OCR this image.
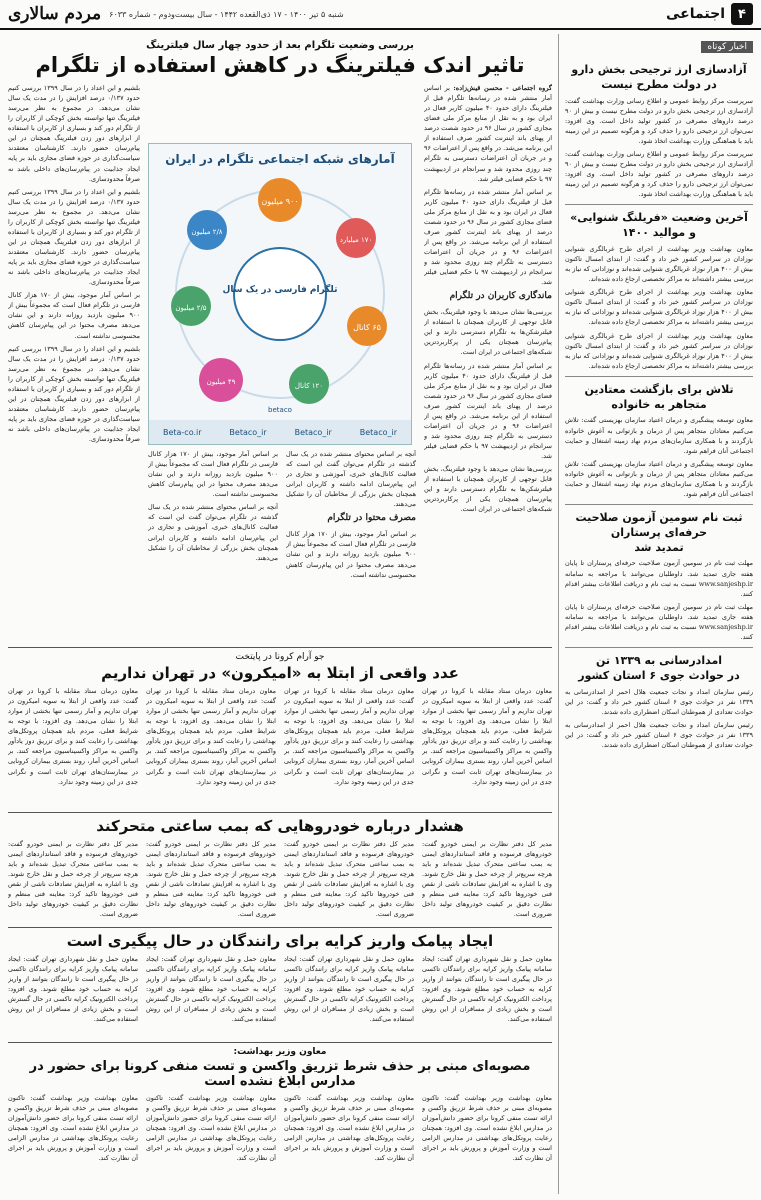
۴
اجتماعی
شنبه ۵ تیر ۱۴۰۰ - ۱۷ ذی‌القعده ۱۴۴۲ - سال بیست‌ودوم - شماره ۶۰۳۳
مردم سالاری
اخبار کوتاه
آزادسازی ارز ترجیحی بخش دارو
در دولت مطرح نیست

سرپرست مرکز روابط عمومی و اطلاع رسانی وزارت بهداشت گفت: آزادسازی ارز ترجیحی بخش دارو در دولت مطرح نیست و بیش از ۹۰ درصد داروهای مصرفی در کشور تولید داخل است. وی افزود: نمی‌توان ارز ترجیحی دارو را حذف کرد و هرگونه تصمیم در این زمینه باید با هماهنگی وزارت بهداشت اتخاذ شود.

سرپرست مرکز روابط عمومی و اطلاع رسانی وزارت بهداشت گفت: آزادسازی ارز ترجیحی بخش دارو در دولت مطرح نیست و بیش از ۹۰ درصد داروهای مصرفی در کشور تولید داخل است. وی افزود: نمی‌توان ارز ترجیحی دارو را حذف کرد و هرگونه تصمیم در این زمینه باید با هماهنگی وزارت بهداشت اتخاذ شود.

آخرین وضعیت «فریلنگ شنوایی» و مواليد ۱۴۰۰

معاون بهداشت وزیر بهداشت از اجرای طرح غربالگری شنوایی نوزادان در سراسر کشور خبر داد و گفت: از ابتدای امسال تاکنون بیش از ۴۰۰ هزار نوزاد غربالگری شنوایی شده‌اند و نوزادانی که نیاز به بررسی بیشتر داشته‌اند به مراکز تخصصی ارجاع داده شده‌اند.

معاون بهداشت وزیر بهداشت از اجرای طرح غربالگری شنوایی نوزادان در سراسر کشور خبر داد و گفت: از ابتدای امسال تاکنون بیش از ۴۰۰ هزار نوزاد غربالگری شنوایی شده‌اند و نوزادانی که نیاز به بررسی بیشتر داشته‌اند به مراکز تخصصی ارجاع داده شده‌اند.

معاون بهداشت وزیر بهداشت از اجرای طرح غربالگری شنوایی نوزادان در سراسر کشور خبر داد و گفت: از ابتدای امسال تاکنون بیش از ۴۰۰ هزار نوزاد غربالگری شنوایی شده‌اند و نوزادانی که نیاز به بررسی بیشتر داشته‌اند به مراکز تخصصی ارجاع داده شده‌اند.

تلاش برای بازگشت معتادین متجاهر به خانواده

معاون توسعه پیشگیری و درمان اعتیاد سازمان بهزیستی گفت: تلاش می‌کنیم معتادان متجاهر پس از درمان و بازتوانی به آغوش خانواده بازگردند و با همکاری سازمان‌های مردم نهاد زمینه اشتغال و حمایت اجتماعی آنان فراهم شود.

معاون توسعه پیشگیری و درمان اعتیاد سازمان بهزیستی گفت: تلاش می‌کنیم معتادان متجاهر پس از درمان و بازتوانی به آغوش خانواده بازگردند و با همکاری سازمان‌های مردم نهاد زمینه اشتغال و حمایت اجتماعی آنان فراهم شود.

ثبت نام سومین آزمون صلاحیت حرفه‌ای پرستاران
تمدید شد

مهلت ثبت نام در سومین آزمون صلاحیت حرفه‌ای پرستاران تا پایان هفته جاری تمدید شد. داوطلبان می‌توانند با مراجعه به سامانه www.sanjeshp.ir نسبت به ثبت نام و دریافت اطلاعات بیشتر اقدام کنند.

مهلت ثبت نام در سومین آزمون صلاحیت حرفه‌ای پرستاران تا پایان هفته جاری تمدید شد. داوطلبان می‌توانند با مراجعه به سامانه www.sanjeshp.ir نسبت به ثبت نام و دریافت اطلاعات بیشتر اقدام کنند.

امدادرسانی به ۱۳۳۹ تن
در حوادث جوی ۶ استان کشور

رئیس سازمان امداد و نجات جمعیت هلال احمر از امدادرسانی به ۱۳۳۹ نفر در حوادث جوی ۶ استان کشور خبر داد و گفت: در این حوادث تعدادی از هموطنان اسکان اضطراری داده شدند.

رئیس سازمان امداد و نجات جمعیت هلال احمر از امدادرسانی به ۱۳۳۹ نفر در حوادث جوی ۶ استان کشور خبر داد و گفت: در این حوادث تعدادی از هموطنان اسکان اضطراری داده شدند.

بررسی وضعیت تلگرام بعد از حدود چهار سال فیلترینگ
تاثیر اندک فیلترینگ در کاهش استفاده از تلگرام

گروه اجتماعی - محسن قیش‌زاده: بر اساس آمار منتشر شده در رسانه‌ها تلگرام قبل از فیلترینگ دارای حدود ۴۰ میلیون کاربر فعال در ایران بود و به نقل از منابع مرکز ملی فضای مجازی کشور در سال ۹۶ در حدود شصت درصد از پهنای باند اینترنت کشور صرف استفاده از این برنامه می‌شد. در واقع پس از اعتراضات ۹۶ و در جریان آن اعتراضات دسترسی به تلگرام چند روزی محدود شد و سرانجام در اردیبهشت ۹۷ با حکم قضایی فیلتر شد.

بر اساس آمار منتشر شده در رسانه‌ها تلگرام قبل از فیلترینگ دارای حدود ۴۰ میلیون کاربر فعال در ایران بود و به نقل از منابع مرکز ملی فضای مجازی کشور در سال ۹۶ در حدود شصت درصد از پهنای باند اینترنت کشور صرف استفاده از این برنامه می‌شد. در واقع پس از اعتراضات ۹۶ و در جریان آن اعتراضات دسترسی به تلگرام چند روزی محدود شد و سرانجام در اردیبهشت ۹۷ با حکم قضایی فیلتر شد.

ماندگاری کاربران در تلگرام

بررسی‌ها نشان می‌دهد با وجود فیلترینگ، بخش قابل توجهی از کاربران همچنان با استفاده از فیلترشکن‌ها به تلگرام دسترسی دارند و این پیام‌رسان همچنان یکی از پرکاربردترین شبکه‌های اجتماعی در ایران است.

بر اساس آمار منتشر شده در رسانه‌ها تلگرام قبل از فیلترینگ دارای حدود ۴۰ میلیون کاربر فعال در ایران بود و به نقل از منابع مرکز ملی فضای مجازی کشور در سال ۹۶ در حدود شصت درصد از پهنای باند اینترنت کشور صرف استفاده از این برنامه می‌شد. در واقع پس از اعتراضات ۹۶ و در جریان آن اعتراضات دسترسی به تلگرام چند روزی محدود شد و سرانجام در اردیبهشت ۹۷ با حکم قضایی فیلتر شد.

بررسی‌ها نشان می‌دهد با وجود فیلترینگ، بخش قابل توجهی از کاربران همچنان با استفاده از فیلترشکن‌ها به تلگرام دسترسی دارند و این پیام‌رسان همچنان یکی از پرکاربردترین شبکه‌های اجتماعی در ایران است.

آنچه بر اساس محتوای منتشر شده در یک سال گذشته در تلگرام می‌توان گفت این است که فعالیت کانال‌های خبری، آموزشی و تجاری در این پیام‌رسان ادامه داشته و کاربران ایرانی همچنان بخش بزرگی از مخاطبان آن را تشکیل می‌دهند.

مصرف محتوا در تلگرام

بر اساس آمار موجود، بیش از ۱۷۰ هزار کانال فارسی در تلگرام فعال است که مجموعاً بیش از ۹۰۰ میلیون بازدید روزانه دارند و این نشان می‌دهد مصرف محتوا در این پیام‌رسان کاهش محسوسی نداشته است.

بر اساس آمار موجود، بیش از ۱۷۰ هزار کانال فارسی در تلگرام فعال است که مجموعاً بیش از ۹۰۰ میلیون بازدید روزانه دارند و این نشان می‌دهد مصرف محتوا در این پیام‌رسان کاهش محسوسی نداشته است.

آنچه بر اساس محتوای منتشر شده در یک سال گذشته در تلگرام می‌توان گفت این است که فعالیت کانال‌های خبری، آموزشی و تجاری در این پیام‌رسان ادامه داشته و کاربران ایرانی همچنان بخش بزرگی از مخاطبان آن را تشکیل می‌دهند.

بلشیم و این اعداد را در سال ۱۳۹۹ بررسی کنیم حدود ۰/۱۳۷ درصد افزایش را در مدت یک سال نشان می‌دهد. در مجموع به نظر می‌رسد فیلترینگ تنها توانسته بخش کوچکی از کاربران را از تلگرام دور کند و بسیاری از کاربران با استفاده از ابزارهای دور زدن فیلترینگ همچنان در این پیام‌رسان حضور دارند. کارشناسان معتقدند سیاست‌گذاری در حوزه فضای مجازی باید بر پایه ایجاد جذابیت در پیام‌رسان‌های داخلی باشد نه صرفاً محدودسازی.

بلشیم و این اعداد را در سال ۱۳۹۹ بررسی کنیم حدود ۰/۱۳۷ درصد افزایش را در مدت یک سال نشان می‌دهد. در مجموع به نظر می‌رسد فیلترینگ تنها توانسته بخش کوچکی از کاربران را از تلگرام دور کند و بسیاری از کاربران با استفاده از ابزارهای دور زدن فیلترینگ همچنان در این پیام‌رسان حضور دارند. کارشناسان معتقدند سیاست‌گذاری در حوزه فضای مجازی باید بر پایه ایجاد جذابیت در پیام‌رسان‌های داخلی باشد نه صرفاً محدودسازی.

بر اساس آمار موجود، بیش از ۱۷۰ هزار کانال فارسی در تلگرام فعال است که مجموعاً بیش از ۹۰۰ میلیون بازدید روزانه دارند و این نشان می‌دهد مصرف محتوا در این پیام‌رسان کاهش محسوسی نداشته است.

بلشیم و این اعداد را در سال ۱۳۹۹ بررسی کنیم حدود ۰/۱۳۷ درصد افزایش را در مدت یک سال نشان می‌دهد. در مجموع به نظر می‌رسد فیلترینگ تنها توانسته بخش کوچکی از کاربران را از تلگرام دور کند و بسیاری از کاربران با استفاده از ابزارهای دور زدن فیلترینگ همچنان در این پیام‌رسان حضور دارند. کارشناسان معتقدند سیاست‌گذاری در حوزه فضای مجازی باید بر پایه ایجاد جذابیت در پیام‌رسان‌های داخلی باشد نه صرفاً محدودسازی.

آمارهای شبکه اجتماعی تلگرام در ایران
۹۰۰ میلیون
۲/۸ میلیون
۱۷۰ میلیارد
۲/۵ میلیون
۶۵ کانال
۱۲۰ کانال
۴۹ میلیون
تلگرام فارسی در یک سال
betaco
Beta-co.ir	Betaco_ir	Betaco_ir	Betaco_ir
جو آرام کرونا در پایتخت
عدد واقعی از ابتلا به «امیکرون» در تهران نداریم

معاون درمان ستاد مقابله با کرونا در تهران گفت: عدد واقعی از ابتلا به سویه امیکرون در تهران نداریم و آمار رسمی تنها بخشی از موارد ابتلا را نشان می‌دهد. وی افزود: با توجه به شرایط فعلی، مردم باید همچنان پروتکل‌های بهداشتی را رعایت کنند و برای تزریق دوز یادآور واکسن به مراکز واکسیناسیون مراجعه کنند. بر اساس آخرین آمار، روند بستری بیماران کرونایی در بیمارستان‌های تهران ثابت است و نگرانی جدی در این زمینه وجود ندارد.

معاون درمان ستاد مقابله با کرونا در تهران گفت: عدد واقعی از ابتلا به سویه امیکرون در تهران نداریم و آمار رسمی تنها بخشی از موارد ابتلا را نشان می‌دهد. وی افزود: با توجه به شرایط فعلی، مردم باید همچنان پروتکل‌های بهداشتی را رعایت کنند و برای تزریق دوز یادآور واکسن به مراکز واکسیناسیون مراجعه کنند. بر اساس آخرین آمار، روند بستری بیماران کرونایی در بیمارستان‌های تهران ثابت است و نگرانی جدی در این زمینه وجود ندارد.

معاون درمان ستاد مقابله با کرونا در تهران گفت: عدد واقعی از ابتلا به سویه امیکرون در تهران نداریم و آمار رسمی تنها بخشی از موارد ابتلا را نشان می‌دهد. وی افزود: با توجه به شرایط فعلی، مردم باید همچنان پروتکل‌های بهداشتی را رعایت کنند و برای تزریق دوز یادآور واکسن به مراکز واکسیناسیون مراجعه کنند. بر اساس آخرین آمار، روند بستری بیماران کرونایی در بیمارستان‌های تهران ثابت است و نگرانی جدی در این زمینه وجود ندارد.

معاون درمان ستاد مقابله با کرونا در تهران گفت: عدد واقعی از ابتلا به سویه امیکرون در تهران نداریم و آمار رسمی تنها بخشی از موارد ابتلا را نشان می‌دهد. وی افزود: با توجه به شرایط فعلی، مردم باید همچنان پروتکل‌های بهداشتی را رعایت کنند و برای تزریق دوز یادآور واکسن به مراکز واکسیناسیون مراجعه کنند. بر اساس آخرین آمار، روند بستری بیماران کرونایی در بیمارستان‌های تهران ثابت است و نگرانی جدی در این زمینه وجود ندارد.

هشدار درباره خودروهایی که بمب ساعتی متحرکند

مدیر کل دفتر نظارت بر ایمنی خودرو گفت: خودروهای فرسوده و فاقد استانداردهای ایمنی به بمب ساعتی متحرک تبدیل شده‌اند و باید هرچه سریع‌تر از چرخه حمل و نقل خارج شوند. وی با اشاره به افزایش تصادفات ناشی از نقص فنی خودروها تاکید کرد: معاینه فنی منظم و نظارت دقیق بر کیفیت خودروهای تولید داخل ضروری است.

مدیر کل دفتر نظارت بر ایمنی خودرو گفت: خودروهای فرسوده و فاقد استانداردهای ایمنی به بمب ساعتی متحرک تبدیل شده‌اند و باید هرچه سریع‌تر از چرخه حمل و نقل خارج شوند. وی با اشاره به افزایش تصادفات ناشی از نقص فنی خودروها تاکید کرد: معاینه فنی منظم و نظارت دقیق بر کیفیت خودروهای تولید داخل ضروری است.

مدیر کل دفتر نظارت بر ایمنی خودرو گفت: خودروهای فرسوده و فاقد استانداردهای ایمنی به بمب ساعتی متحرک تبدیل شده‌اند و باید هرچه سریع‌تر از چرخه حمل و نقل خارج شوند. وی با اشاره به افزایش تصادفات ناشی از نقص فنی خودروها تاکید کرد: معاینه فنی منظم و نظارت دقیق بر کیفیت خودروهای تولید داخل ضروری است.

مدیر کل دفتر نظارت بر ایمنی خودرو گفت: خودروهای فرسوده و فاقد استانداردهای ایمنی به بمب ساعتی متحرک تبدیل شده‌اند و باید هرچه سریع‌تر از چرخه حمل و نقل خارج شوند. وی با اشاره به افزایش تصادفات ناشی از نقص فنی خودروها تاکید کرد: معاینه فنی منظم و نظارت دقیق بر کیفیت خودروهای تولید داخل ضروری است.

ایجاد پیامک واریز کرایه برای رانندگان در حال پیگیری است

معاون حمل و نقل شهرداری تهران گفت: ایجاد سامانه پیامک واریز کرایه برای رانندگان تاکسی در حال پیگیری است تا رانندگان بتوانند از واریز کرایه به حساب خود مطلع شوند. وی افزود: پرداخت الکترونیک کرایه تاکسی در حال گسترش است و بخش زیادی از مسافران از این روش استفاده می‌کنند.

معاون حمل و نقل شهرداری تهران گفت: ایجاد سامانه پیامک واریز کرایه برای رانندگان تاکسی در حال پیگیری است تا رانندگان بتوانند از واریز کرایه به حساب خود مطلع شوند. وی افزود: پرداخت الکترونیک کرایه تاکسی در حال گسترش است و بخش زیادی از مسافران از این روش استفاده می‌کنند.

معاون حمل و نقل شهرداری تهران گفت: ایجاد سامانه پیامک واریز کرایه برای رانندگان تاکسی در حال پیگیری است تا رانندگان بتوانند از واریز کرایه به حساب خود مطلع شوند. وی افزود: پرداخت الکترونیک کرایه تاکسی در حال گسترش است و بخش زیادی از مسافران از این روش استفاده می‌کنند.

معاون حمل و نقل شهرداری تهران گفت: ایجاد سامانه پیامک واریز کرایه برای رانندگان تاکسی در حال پیگیری است تا رانندگان بتوانند از واریز کرایه به حساب خود مطلع شوند. وی افزود: پرداخت الکترونیک کرایه تاکسی در حال گسترش است و بخش زیادی از مسافران از این روش استفاده می‌کنند.

معاون وزیر بهداشت:
مصوبه‌ای مبنی بر حذف شرط تزریق واکسن و تست منفی کرونا برای حضور در مدارس ابلاغ نشده است

معاون بهداشت وزیر بهداشت گفت: تاکنون مصوبه‌ای مبنی بر حذف شرط تزریق واکسن و ارائه تست منفی کرونا برای حضور دانش‌آموزان در مدارس ابلاغ نشده است. وی افزود: همچنان رعایت پروتکل‌های بهداشتی در مدارس الزامی است و وزارت آموزش و پرورش باید بر اجرای آن نظارت کند.

معاون بهداشت وزیر بهداشت گفت: تاکنون مصوبه‌ای مبنی بر حذف شرط تزریق واکسن و ارائه تست منفی کرونا برای حضور دانش‌آموزان در مدارس ابلاغ نشده است. وی افزود: همچنان رعایت پروتکل‌های بهداشتی در مدارس الزامی است و وزارت آموزش و پرورش باید بر اجرای آن نظارت کند.

معاون بهداشت وزیر بهداشت گفت: تاکنون مصوبه‌ای مبنی بر حذف شرط تزریق واکسن و ارائه تست منفی کرونا برای حضور دانش‌آموزان در مدارس ابلاغ نشده است. وی افزود: همچنان رعایت پروتکل‌های بهداشتی در مدارس الزامی است و وزارت آموزش و پرورش باید بر اجرای آن نظارت کند.

معاون بهداشت وزیر بهداشت گفت: تاکنون مصوبه‌ای مبنی بر حذف شرط تزریق واکسن و ارائه تست منفی کرونا برای حضور دانش‌آموزان در مدارس ابلاغ نشده است. وی افزود: همچنان رعایت پروتکل‌های بهداشتی در مدارس الزامی است و وزارت آموزش و پرورش باید بر اجرای آن نظارت کند.
